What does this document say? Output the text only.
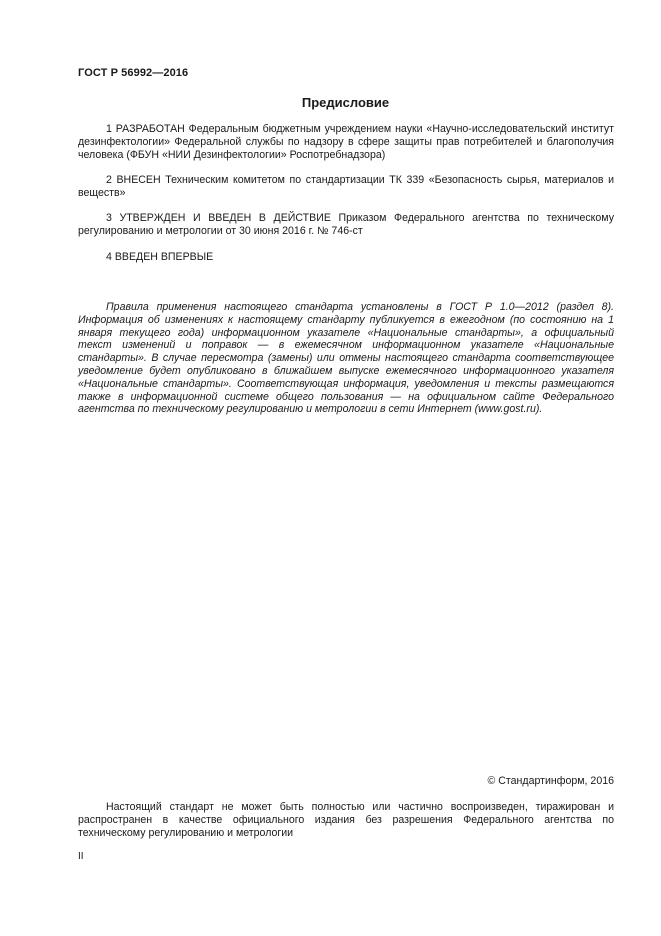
ГОСТ Р 56992—2016
Предисловие
1 РАЗРАБОТАН Федеральным бюджетным учреждением науки «Научно-исследовательский институт дезинфектологии» Федеральной службы по надзору в сфере защиты прав потребителей и благополучия человека (ФБУН «НИИ Дезинфектологии» Роспотребнадзора)
2 ВНЕСЕН Техническим комитетом по стандартизации ТК 339 «Безопасность сырья, материалов и веществ»
3 УТВЕРЖДЕН И ВВЕДЕН В ДЕЙСТВИЕ Приказом Федерального агентства по техническому регулированию и метрологии от 30 июня 2016 г. № 746-ст
4 ВВЕДЕН ВПЕРВЫЕ
Правила применения настоящего стандарта установлены в ГОСТ Р 1.0—2012 (раздел 8). Информация об изменениях к настоящему стандарту публикуется в ежегодном (по состоянию на 1 января текущего года) информационном указателе «Национальные стандарты», а официальный текст изменений и поправок — в ежемесячном информационном указателе «Национальные стандарты». В случае пересмотра (замены) или отмены настоящего стандарта соответствующее уведомление будет опубликовано в ближайшем выпуске ежемесячного информационного указателя «Национальные стандарты». Соответствующая информация, уведомления и тексты размещаются также в информационной системе общего пользования — на официальном сайте Федерального агентства по техническому регулированию и метрологии в сети Интернет (www.gost.ru).
© Стандартинформ, 2016
Настоящий стандарт не может быть полностью или частично воспроизведен, тиражирован и распространен в качестве официального издания без разрешения Федерального агентства по техническому регулированию и метрологии
II
